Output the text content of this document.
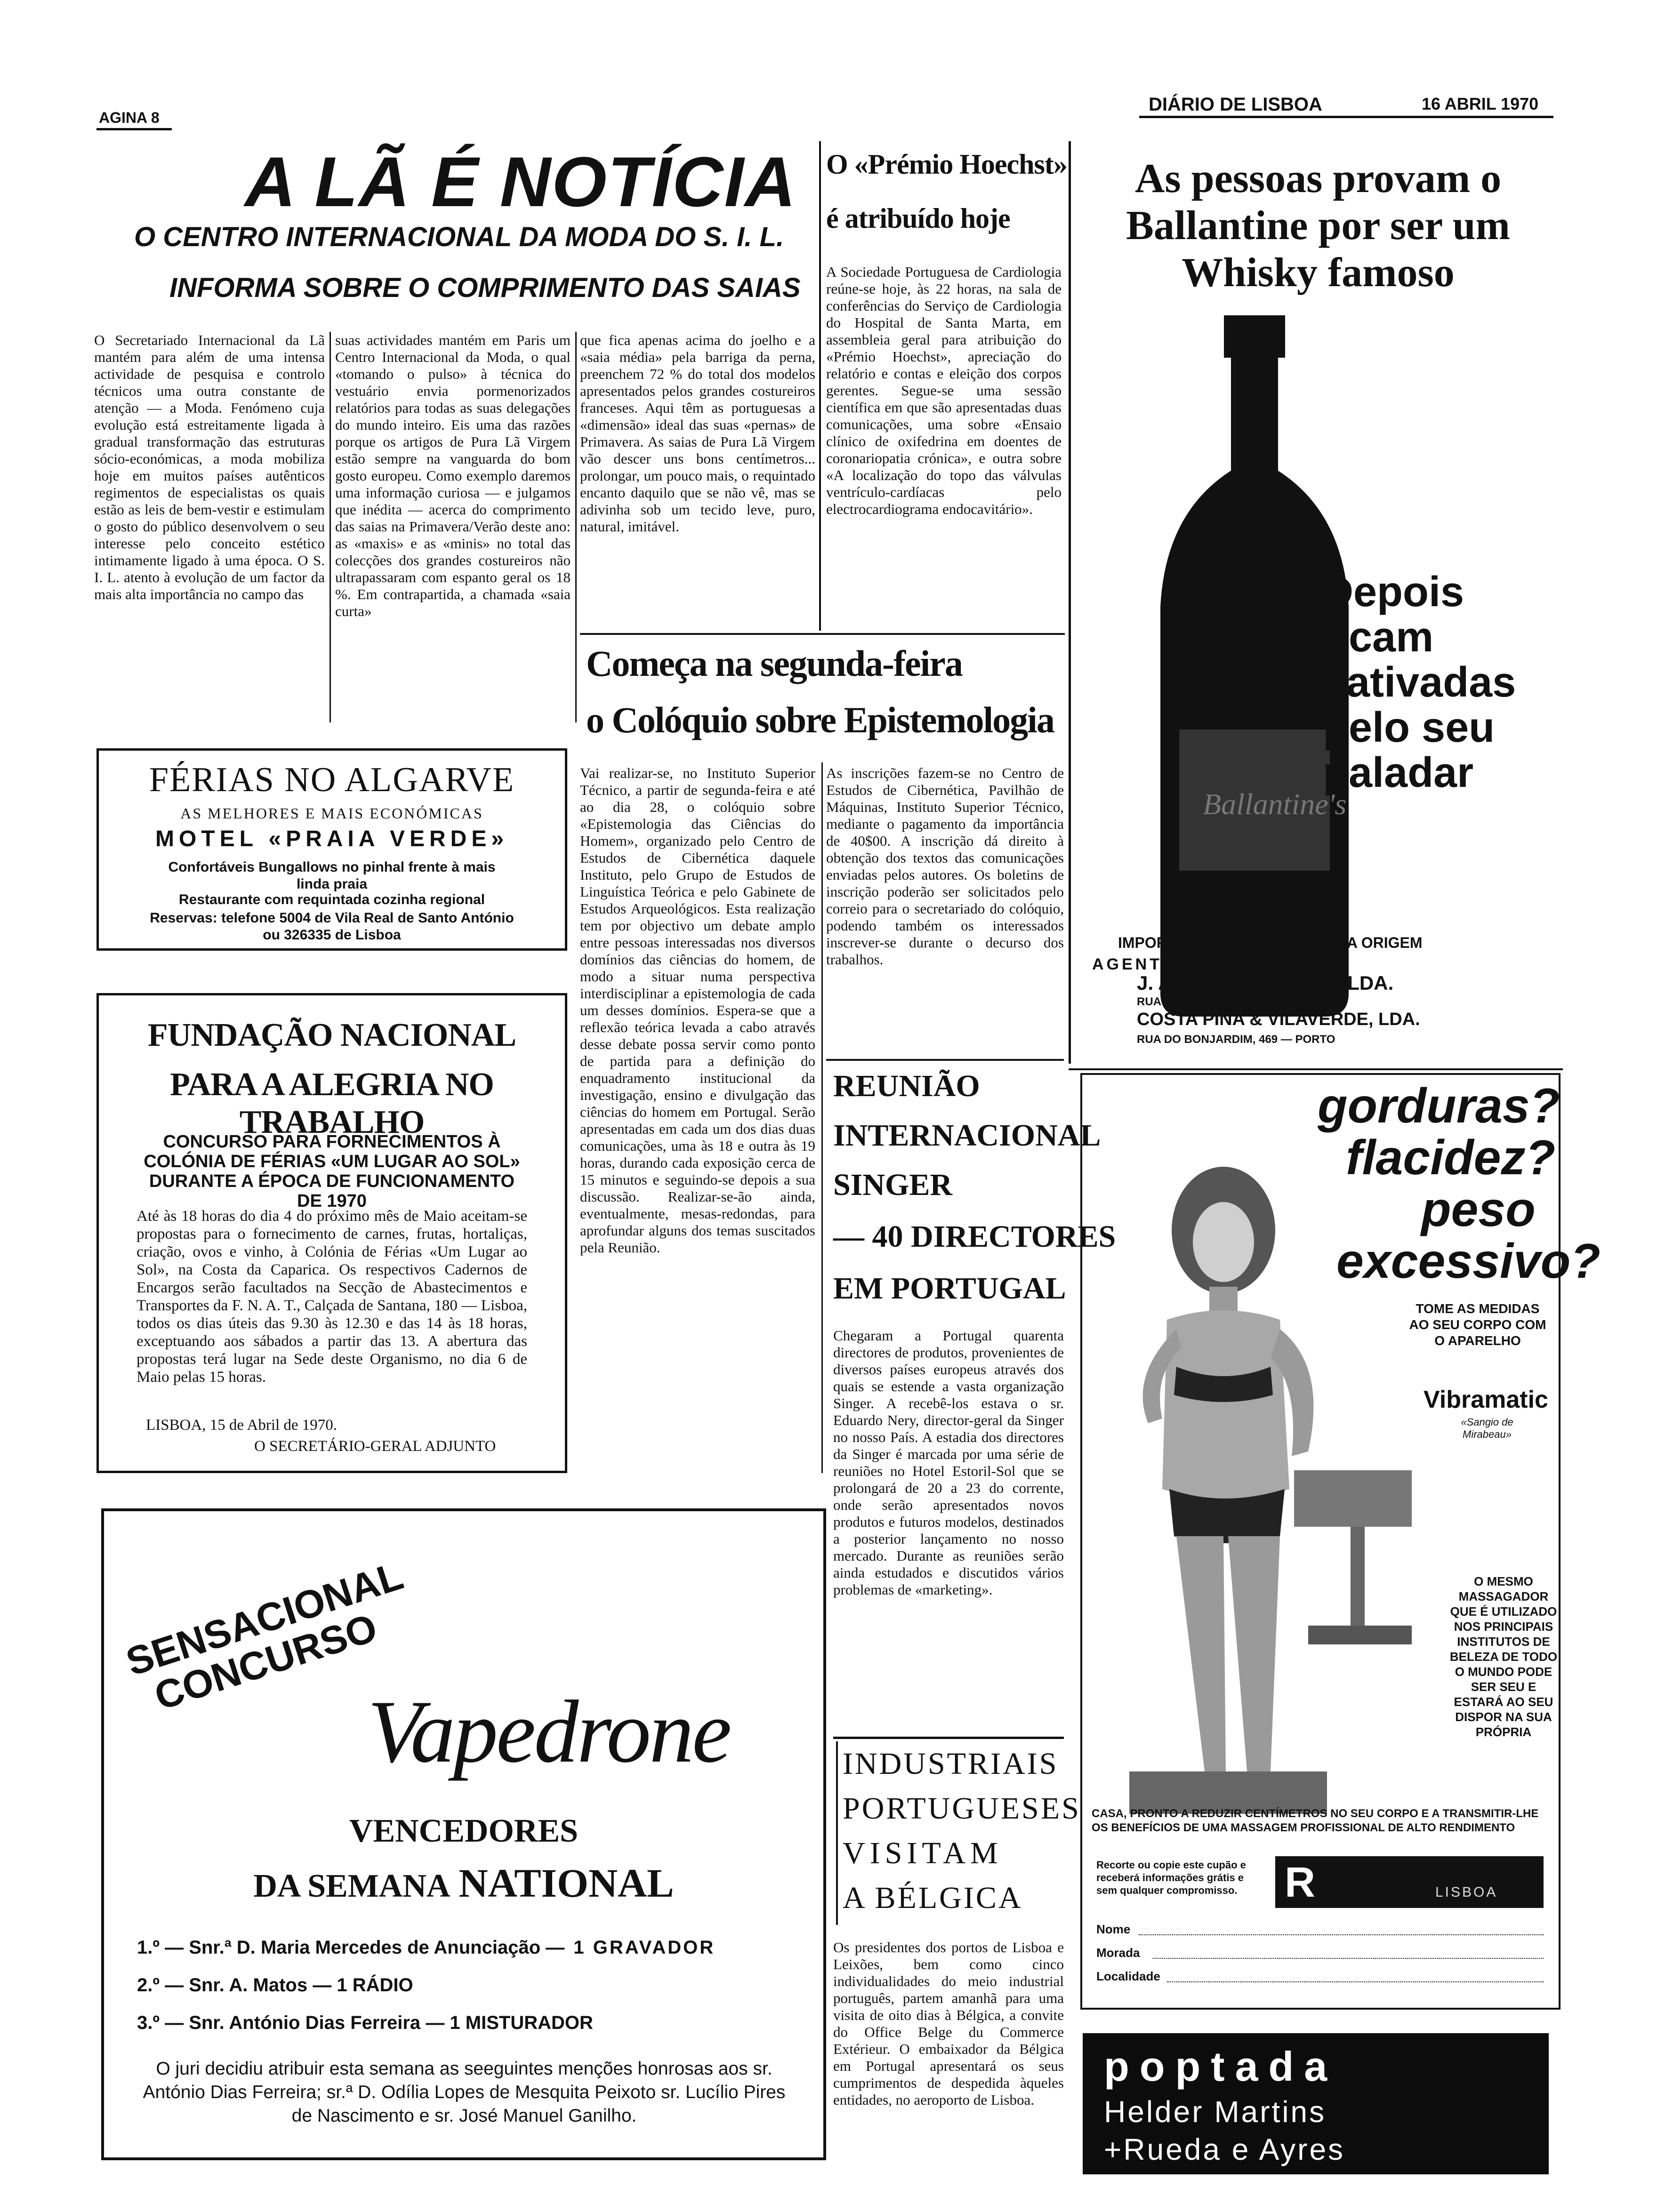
AGINA 8
DIÁRIO DE LISBOA	16 ABRIL 1970
A LÃ É NOTÍCIA
O CENTRO INTERNACIONAL DA MODA DO S. I. L.
INFORMA SOBRE O COMPRIMENTO DAS SAIAS
O Secretariado Internacional da Lã mantém para além de uma intensa actividade de pesquisa e controlo técnicos uma outra constante de atenção — a Moda. Fenómeno cuja evolução está estreitamente ligada à gradual transformação das estruturas sócio-económicas, a moda mobiliza hoje em muitos países autênticos regimentos de especialistas os quais estão as leis de bem-vestir e estimulam o gosto do público desenvolvem o seu interesse pelo conceito estético intimamente ligado à uma época. O S. I. L. atento à evolução de um factor da mais alta importância no campo das
suas actividades mantém em Paris um Centro Internacional da Moda, o qual «tomando o pulso» à técnica do vestuário envia pormenorizados relatórios para todas as suas delegações do mundo inteiro. Eis uma das razões porque os artigos de Pura Lã Virgem estão sempre na vanguarda do bom gosto europeu. Como exemplo daremos uma informação curiosa — e julgamos que inédita — acerca do comprimento das saias na Primavera/Verão deste ano: as «maxis» e as «minis» no total das colecções dos grandes costureiros não ultrapassaram com espanto geral os 18 %. Em contrapartida, a chamada «saia curta»
que fica apenas acima do joelho e a «saia média» pela barriga da perna, preenchem 72 % do total dos modelos apresentados pelos grandes costureiros franceses. Aqui têm as portuguesas a «dimensão» ideal das suas «pernas» de Primavera. As saias de Pura Lã Virgem vão descer uns bons centímetros... prolongar, um pouco mais, o requintado encanto daquilo que se não vê, mas se adivinha sob um tecido leve, puro, natural, imitável.
O «Prémio Hoechst»
é atribuído hoje
A Sociedade Portuguesa de Cardiologia reúne-se hoje, às 22 horas, na sala de conferências do Serviço de Cardiologia do Hospital de Santa Marta, em assembleia geral para atribuição do «Prémio Hoechst», apreciação do relatório e contas e eleição dos corpos gerentes. Segue-se uma sessão científica em que são apresentadas duas comunicações, uma sobre «Ensaio clínico de oxifedrina em doentes de coronariopatia crónica», e outra sobre «A localização do topo das válvulas ventrículo-cardíacas pelo electrocardiograma endocavitário».
As pessoas provam o Ballantine por ser um Whisky famoso
Ballantine's
Depois ficam cativadas pelo seu paladar
IMPORTADO DIRECTAMENTE DA ORIGEM
AGENTES:
J. A. DA COSTA PINA, LDA.
RUA DO ALECRIM, 15 — LISBOA
COSTA PINA & VILAVERDE, LDA.
RUA DO BONJARDIM, 469 — PORTO
Começa na segunda-feira
o Colóquio sobre Epistemologia
Vai realizar-se, no Instituto Superior Técnico, a partir de segunda-feira e até ao dia 28, o colóquio sobre «Epistemologia das Ciências do Homem», organizado pelo Centro de Estudos de Cibernética daquele Instituto, pelo Grupo de Estudos de Linguística Teórica e pelo Gabinete de Estudos Arqueológicos. Esta realização tem por objectivo um debate amplo entre pessoas interessadas nos diversos domínios das ciências do homem, de modo a situar numa perspectiva interdisciplinar a epistemologia de cada um desses domínios. Espera-se que a reflexão teórica levada a cabo através desse debate possa servir como ponto de partida para a definição do enquadramento institucional da investigação, ensino e divulgação das ciências do homem em Portugal. Serão apresentadas em cada um dos dias duas comunicações, uma às 18 e outra às 19 horas, durando cada exposição cerca de 15 minutos e seguindo-se depois a sua discussão. Realizar-se-ão ainda, eventualmente, mesas-redondas, para aprofundar alguns dos temas suscitados pela Reunião.
As inscrições fazem-se no Centro de Estudos de Cibernética, Pavilhão de Máquinas, Instituto Superior Técnico, mediante o pagamento da importância de 40$00. A inscrição dá direito à obtenção dos textos das comunicações enviadas pelos autores. Os boletins de inscrição poderão ser solicitados pelo correio para o secretariado do colóquio, podendo também os interessados inscrever-se durante o decurso dos trabalhos.
FÉRIAS NO ALGARVE
AS MELHORES E MAIS ECONÓMICAS
MOTEL «PRAIA VERDE»
Confortáveis Bungallows no pinhal frente à mais linda praia
Restaurante com requintada cozinha regional
Reservas: telefone 5004 de Vila Real de Santo António ou 326335 de Lisboa
FUNDAÇÃO NACIONAL
PARA A ALEGRIA NO TRABALHO
CONCURSO PARA FORNECIMENTOS À COLÓNIA DE FÉRIAS «UM LUGAR AO SOL» DURANTE A ÉPOCA DE FUNCIONAMENTO DE 1970
Até às 18 horas do dia 4 do próximo mês de Maio aceitam-se propostas para o fornecimento de carnes, frutas, hortaliças, criação, ovos e vinho, à Colónia de Férias «Um Lugar ao Sol», na Costa da Caparica. Os respectivos Cadernos de Encargos serão facultados na Secção de Abastecimentos e Transportes da F. N. A. T., Calçada de Santana, 180 — Lisboa, todos os dias úteis das 9.30 às 12.30 e das 14 às 18 horas, exceptuando aos sábados a partir das 13. A abertura das propostas terá lugar na Sede deste Organismo, no dia 6 de Maio pelas 15 horas.
LISBOA, 15 de Abril de 1970.
O SECRETÁRIO-GERAL ADJUNTO
REUNIÃO
INTERNACIONAL
SINGER
— 40 DIRECTORES
EM PORTUGAL
Chegaram a Portugal quarenta directores de produtos, provenientes de diversos países europeus através dos quais se estende a vasta organização Singer. A recebê-los estava o sr. Eduardo Nery, director-geral da Singer no nosso País. A estadia dos directores da Singer é marcada por uma série de reuniões no Hotel Estoril-Sol que se prolongará de 20 a 23 do corrente, onde serão apresentados novos produtos e futuros modelos, destinados a posterior lançamento no nosso mercado. Durante as reuniões serão ainda estudados e discutidos vários problemas de «marketing».
INDUSTRIAIS
PORTUGUESES
VISITAM
A BÉLGICA
Os presidentes dos portos de Lisboa e Leixões, bem como cinco individualidades do meio industrial português, partem amanhã para uma visita de oito dias à Bélgica, a convite do Office Belge du Commerce Extérieur. O embaixador da Bélgica em Portugal apresentará os seus cumprimentos de despedida àqueles entidades, no aeroporto de Lisboa.
gorduras?
flacidez?
peso
excessivo?
TOME AS MEDIDAS AO SEU CORPO COM O APARELHO
Vibramatic
«Sangio de Mirabeau»
O MESMO MASSAGADOR QUE É UTILIZADO NOS PRINCIPAIS INSTITUTOS DE BELEZA DE TODO O MUNDO PODE SER SEU E ESTARÁ AO SEU DISPOR NA SUA PRÓPRIA
CASA, PRONTO A REDUZIR CENTÍMETROS NO SEU CORPO E A TRANSMITIR-LHE OS BENEFÍCIOS DE UMA MASSAGEM PROFISSIONAL DE ALTO RENDIMENTO
Recorte ou copie este cupão e receberá informações grátis e sem qualquer compromisso.	R	LISBOA
Nome
Morada
Localidade
poptada
Helder Martins
+Rueda e Ayres
SENSACIONAL CONCURSO
Vapedrone
VENCEDORES
DA SEMANA NATIONAL
1.º — Snr.ª D. Maria Mercedes de Anunciação — 1 GRAVADOR
2.º — Snr. A. Matos — 1 RÁDIO
3.º — Snr. António Dias Ferreira — 1 MISTURADOR
O juri decidiu atribuir esta semana as seeguintes menções honrosas aos sr. António Dias Ferreira; sr.ª D. Odília Lopes de Mesquita Peixoto sr. Lucílio Pires de Nascimento e sr. José Manuel Ganilho.
